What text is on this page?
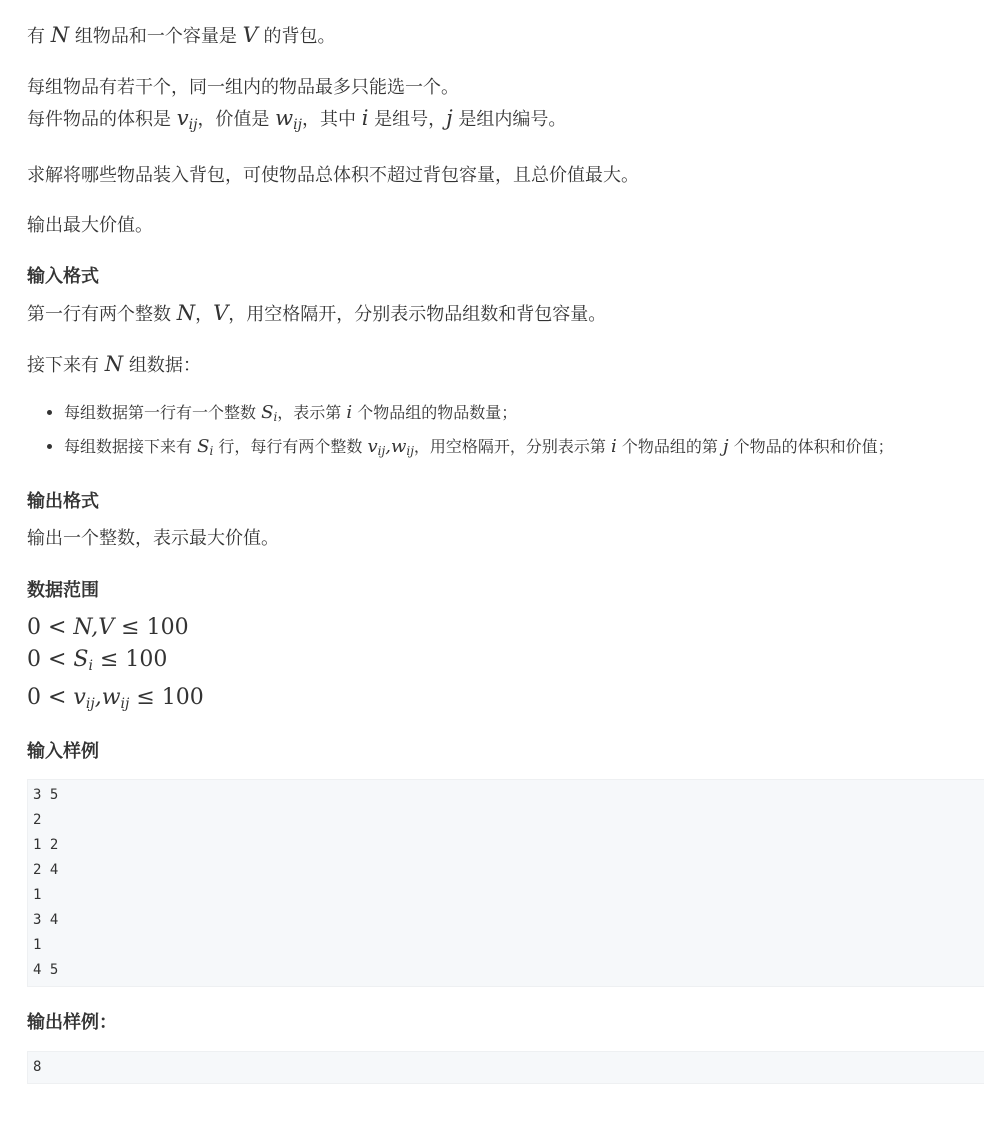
有 N 组物品和一个容量是 V 的背包。

每组物品有若干个，同一组内的物品最多只能选一个。

每件物品的体积是 $v_{ij}$，价值是 $w_{ij}$，其中 i 是组号，j 是组内编号。

求解将哪些物品装入背包，可使物品总体积不超过背包容量，且总价值最大。

输出最大价值。

输入格式

第一行有两个整数 N，V，用空格隔开，分别表示物品组数和背包容量。

接下来有 N 组数据：

• 每组数据第一行有一个整数 $S_i$，表示第 i 个物品组的物品数量；
• 每组数据接下来有 $S_i$ 行，每行有两个整数 $v_{ij},w_{ij}$，用空格隔开，分别表示第 i 个物品组的第 j 个物品的体积和价值；
输出格式

输出一个整数，表示最大价值。

数据范围
0 < N,V ≤ 100
$0 < S_i \le 100$
$0 < v_{ij},w_{ij} \le 100$
输入样例
3 5
2
1 2
2 4
1
3 4
1
4 5
输出样例：
8
